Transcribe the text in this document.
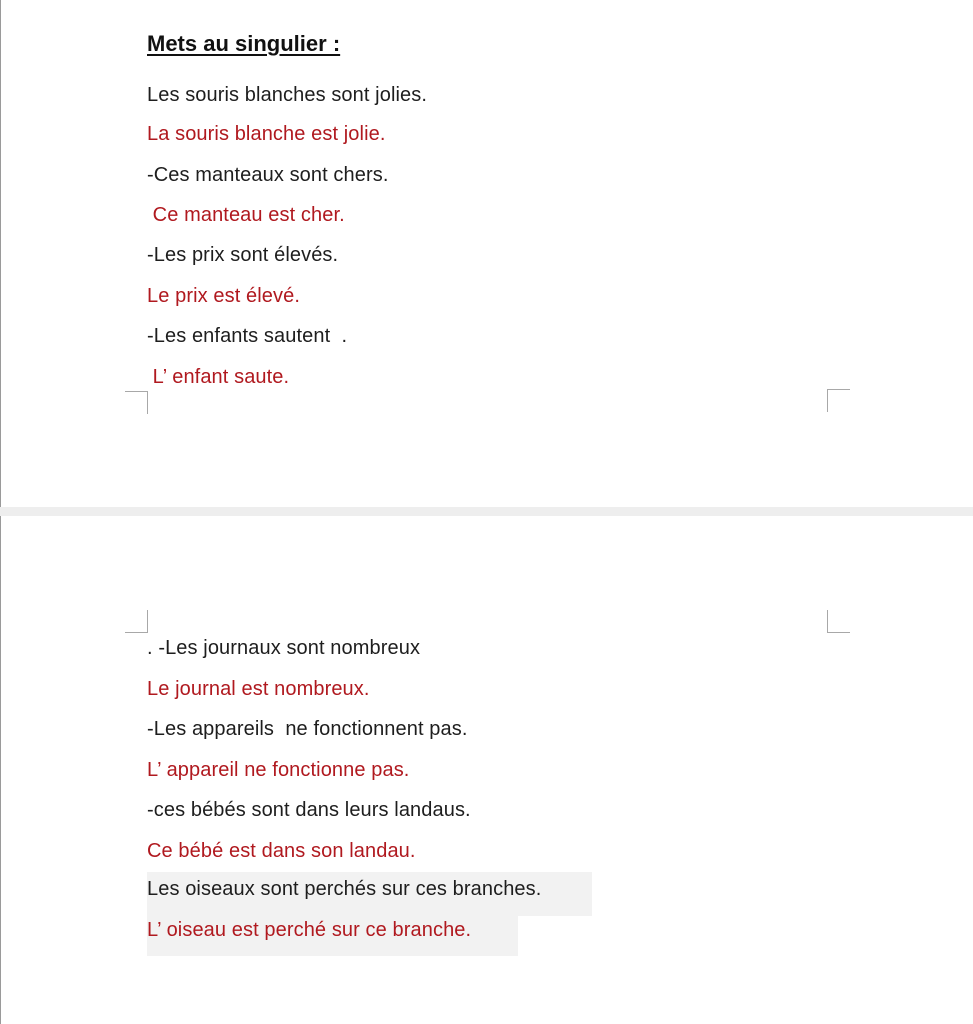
Mets au singulier :
Les souris blanches sont jolies.
La souris blanche est jolie.
-Ces manteaux sont chers.
Ce manteau est cher.
-Les prix sont élevés.
Le prix est élevé.
-Les enfants sautent  .
L’ enfant saute.
. -Les journaux sont nombreux
Le journal est nombreux.
-Les appareils  ne fonctionnent pas.
L’ appareil ne fonctionne pas.
-ces bébés sont dans leurs landaus.
Ce bébé est dans son landau.
Les oiseaux sont perchés sur ces branches.
L’ oiseau est perché sur ce branche.
